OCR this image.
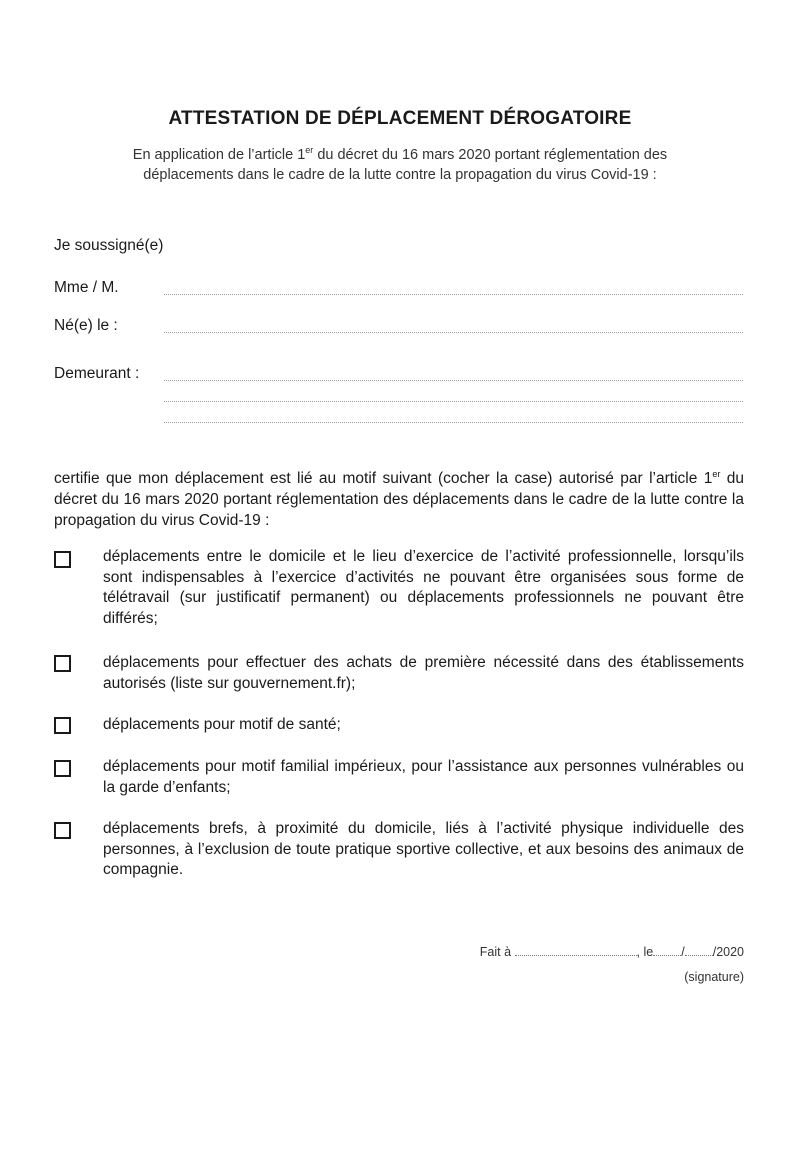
ATTESTATION DE DÉPLACEMENT DÉROGATOIRE
En application de l’article 1er du décret du 16 mars 2020 portant réglementation des
déplacements dans le cadre de la lutte contre la propagation du virus Covid-19 :
Je soussigné(e)
Mme / M.
Né(e) le :
Demeurant :
certifie que mon déplacement est lié au motif suivant (cocher la case) autorisé par l’article 1er du décret du 16 mars 2020 portant réglementation des déplacements dans le cadre de la lutte contre la propagation du virus Covid-19 :
déplacements entre le domicile et le lieu d’exercice de l’activité professionnelle, lorsqu’ils sont indispensables à l’exercice d’activités ne pouvant être organisées sous forme de télétravail (sur justificatif permanent) ou déplacements professionnels ne pouvant être différés;
déplacements pour effectuer des achats de première nécessité dans des établissements autorisés (liste sur gouvernement.fr);
déplacements pour motif de santé;
déplacements pour motif familial impérieux, pour l’assistance aux personnes vulnérables ou la garde d’enfants;
déplacements brefs, à proximité du domicile, liés à l’activité physique individuelle des personnes, à l’exclusion de toute pratique sportive collective, et aux besoins des animaux de compagnie.
Fait à	, le / /2020
(signature)
